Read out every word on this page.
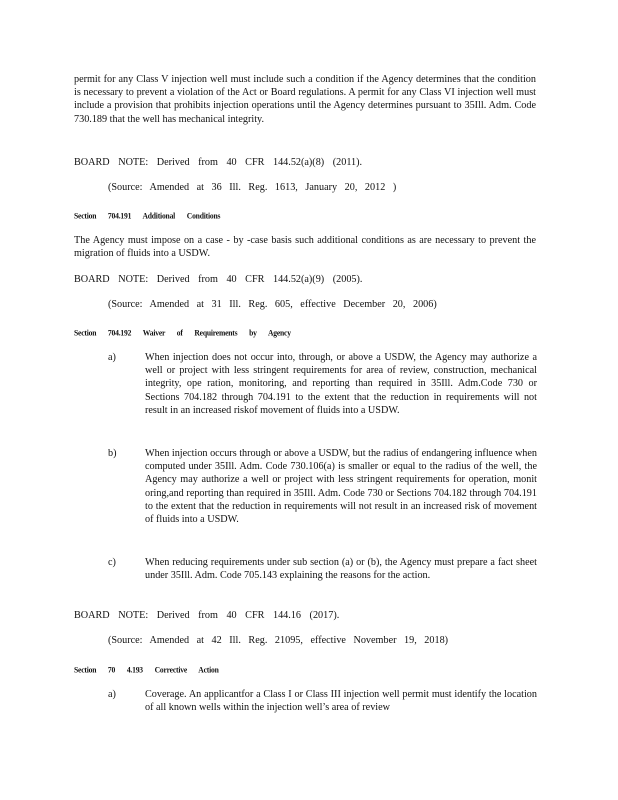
permit for any Class V injection well must include such a condition if the Agency determines that the condition is necessary to prevent a violation of the Act or Board regulations. A permit for any Class VI injection well must include a provision that prohibits injection operations until the Agency determines pursuant to 35Ill. Adm. Code 730.189 that the well has mechanical integrity.
BOARD NOTE: Derived from 40 CFR 144.52(a)(8) (2011).
(Source: Amended at 36 Ill. Reg. 1613, January 20, 2012 )
Section 704.191 Additional Conditions
The Agency must impose on a case - by -case basis such additional conditions as are necessary to prevent the migration of fluids into a USDW.
BOARD NOTE: Derived from 40 CFR 144.52(a)(9) (2005).
(Source: Amended at 31 Ill. Reg. 605, effective December 20, 2006)
Section 704.192 Waiver of Requirements by Agency
a)	When injection does not occur into, through, or above a USDW, the Agency may authorize a well or project with less stringent requirements for area of review, construction, mechanical integrity, ope ration, monitoring, and reporting than required in 35Ill. Adm.Code 730 or Sections 704.182 through 704.191 to the extent that the reduction in requirements will not result in an increased riskof movement of fluids into a USDW.
b)	When injection occurs through or above a USDW, but the radius of endangering influence when computed under 35Ill. Adm. Code 730.106(a) is smaller or equal to the radius of the well, the Agency may authorize a well or project with less stringent requirements for operation, monit oring,and reporting than required in 35Ill. Adm. Code 730 or Sections 704.182 through 704.191 to the extent that the reduction in requirements will not result in an increased risk of movement of fluids into a USDW.
c)	When reducing requirements under sub section (a) or (b), the Agency must prepare a fact sheet under 35Ill. Adm. Code 705.143 explaining the reasons for the action.
BOARD NOTE: Derived from 40 CFR 144.16 (2017).
(Source: Amended at 42 Ill. Reg. 21095, effective November 19, 2018)
Section 70 4.193 Corrective Action
a)	Coverage. An applicantfor a Class I or Class III injection well permit must identify the location of all known wells within the injection well’s area of review
